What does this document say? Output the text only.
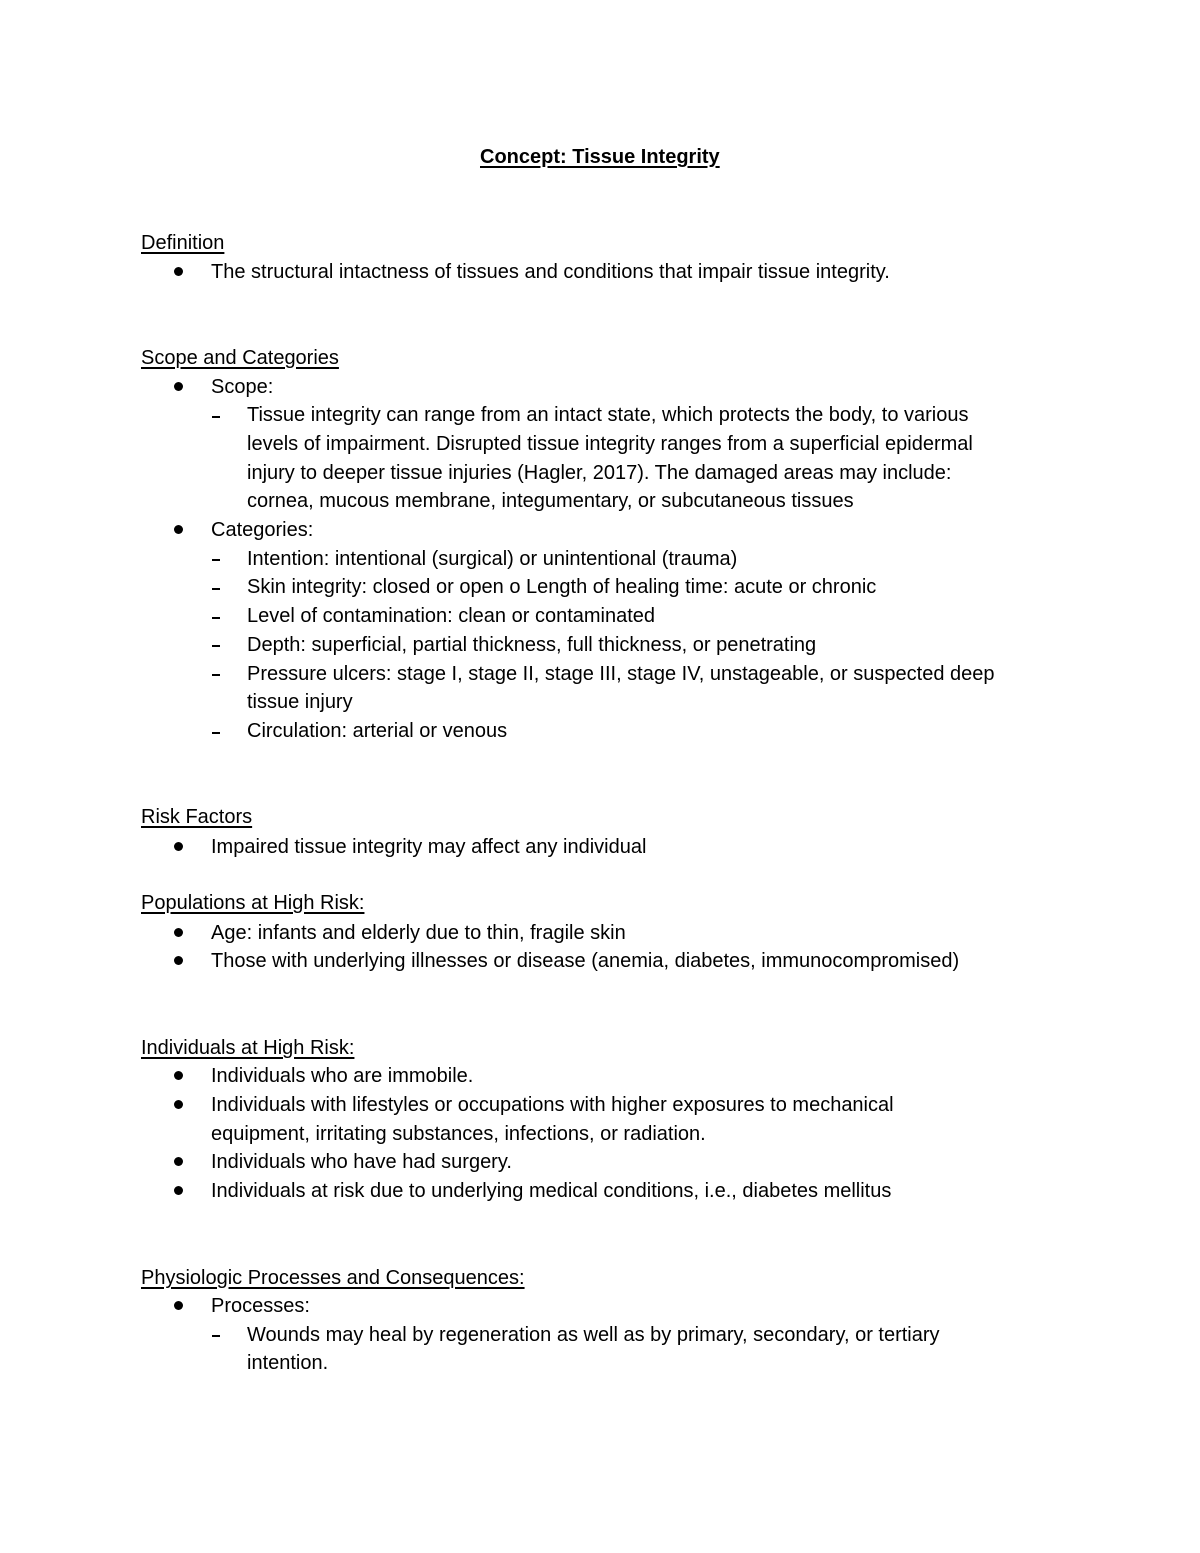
Concept: Tissue Integrity
Definition
The structural intactness of tissues and conditions that impair tissue integrity.
Scope and Categories
Scope:
Tissue integrity can range from an intact state, which protects the body, to various
levels of impairment. Disrupted tissue integrity ranges from a superficial epidermal
injury to deeper tissue injuries (Hagler, 2017). The damaged areas may include:
cornea, mucous membrane, integumentary, or subcutaneous tissues
Categories:
Intention: intentional (surgical) or unintentional (trauma)
Skin integrity: closed or open o Length of healing time: acute or chronic
Level of contamination: clean or contaminated
Depth: superficial, partial thickness, full thickness, or penetrating
Pressure ulcers: stage I, stage II, stage III, stage IV, unstageable, or suspected deep
tissue injury
Circulation: arterial or venous
Risk Factors
Impaired tissue integrity may affect any individual
Populations at High Risk:
Age: infants and elderly due to thin, fragile skin
Those with underlying illnesses or disease (anemia, diabetes, immunocompromised)
Individuals at High Risk:
Individuals who are immobile.
Individuals with lifestyles or occupations with higher exposures to mechanical
equipment, irritating substances, infections, or radiation.
Individuals who have had surgery.
Individuals at risk due to underlying medical conditions, i.e., diabetes mellitus
Physiologic Processes and Consequences:
Processes:
Wounds may heal by regeneration as well as by primary, secondary, or tertiary
intention.
